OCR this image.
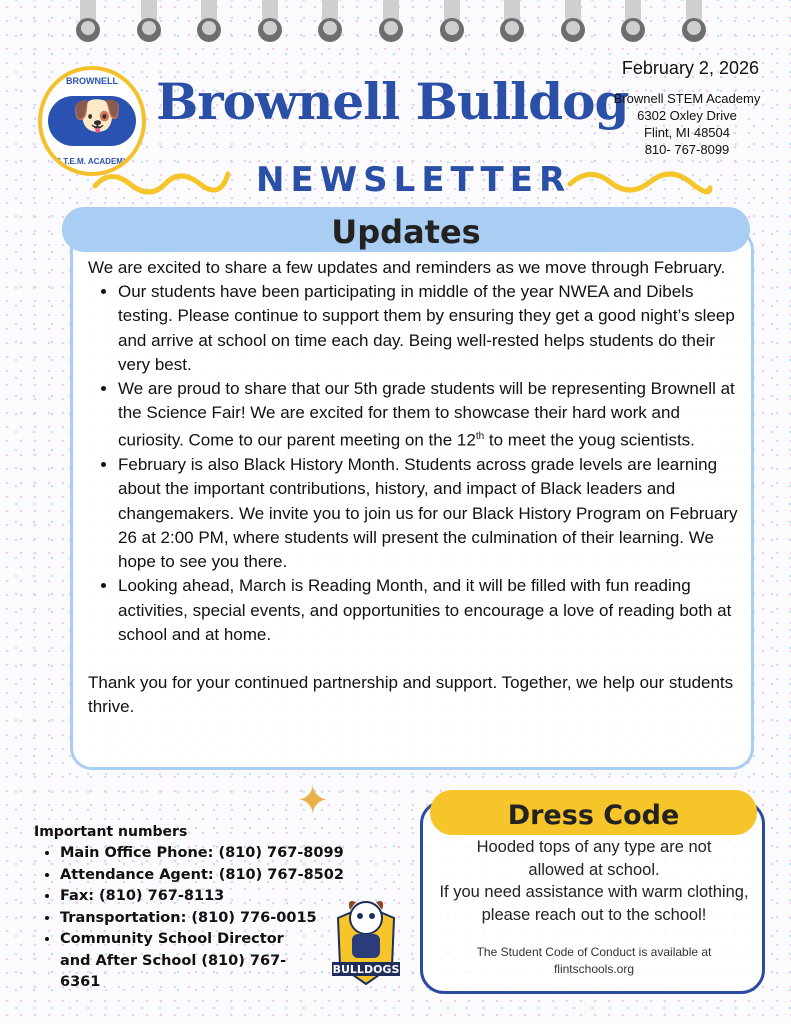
BROWNELL
🐶
S.T.E.M. ACADEMY
Brownell Bulldog
February 2, 2026
Brownell STEM Academy
6302 Oxley Drive
Flint, MI 48504
810- 767-8099
NEWSLETTER
Updates

We are excited to share a few updates and reminders as we move through February.

• Our students have been participating in middle of the year NWEA and Dibels testing. Please continue to support them by ensuring they get a good night’s sleep and arrive at school on time each day. Being well-rested helps students do their very best.
• We are proud to share that our 5th grade students will be representing Brownell at the Science Fair! We are excited for them to showcase their hard work and curiosity. Come to our parent meeting on the 12th to meet the youg scientists.
• February is also Black History Month. Students across grade levels are learning about the important contributions, history, and impact of Black leaders and changemakers. We invite you to join us for our Black History Program on February 26 at 2:00 PM, where students will present the culmination of their learning. We hope to see you there.
• Looking ahead, March is Reading Month, and it will be filled with fun reading activities, special events, and opportunities to encourage a love of reading both at school and at home.

Thank you for your continued partnership and support. Together, we help our students thrive.

✦
Important numbers
• Main Office Phone: (810) 767-8099
• Attendance Agent: (810) 767-8502
• Fax: (810) 767-8113
• Transportation: (810) 776-0015
• Community School Director and After School (810) 767-6361
BULLDOGS
Dress Code
Hooded tops of any type are not allowed at school.
If you need assistance with warm clothing, please reach out to the school!
The Student Code of Conduct is available at flintschools.org
